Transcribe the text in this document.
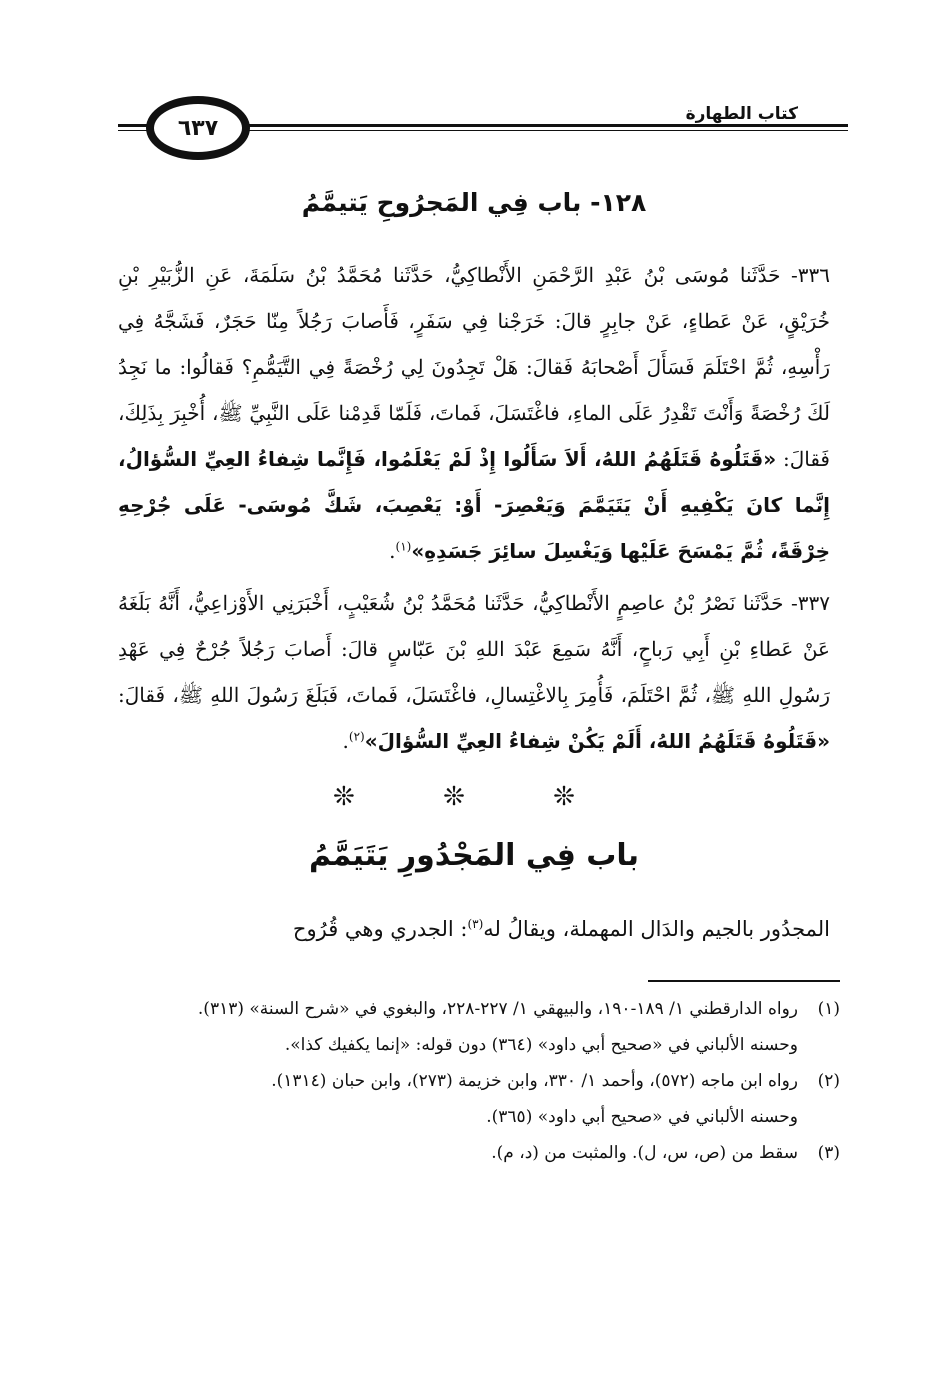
٦٣٧
كتاب الطهارة
١٢٨- باب فِي المَجرُوحِ يَتيمَّمُ
٣٣٦- حَدَّثَنا مُوسَى بْنُ عَبْدِ الرَّحْمَنِ الأَنْطاكِيُّ، حَدَّثَنا مُحَمَّدُ بْنُ سَلَمَةَ، عَنِ الزُّبَيْرِ بْنِ خُرَيْقٍ، عَنْ عَطاءٍ، عَنْ جابِرٍ قالَ: خَرَجْنا فِي سَفَرٍ، فَأَصابَ رَجُلاً مِنّا حَجَرٌ، فَشَجَّهُ فِي رَأْسِهِ، ثُمَّ احْتَلَمَ فَسَأَلَ أَصْحابَهُ فَقالَ: هَلْ تَجِدُونَ لِي رُخْصَةً فِي التَّيَمُّمِ؟ فَقالُوا: ما نَجِدُ لَكَ رُخْصَةً وَأَنْتَ تَقْدِرُ عَلَى الماءِ، فاغْتَسَلَ، فَماتَ، فَلَمّا قَدِمْنا عَلَى النَّبِيِّ ﷺ، أُخْبِرَ بِذَلِكَ، فَقالَ: «قَتَلُوهُ قَتَلَهُمُ اللهُ، أَلاَ سَأَلُوا إِذْ لَمْ يَعْلَمُوا، فَإِنَّما شِفاءُ العِيِّ السُّؤالُ، إِنَّما كانَ يَكْفِيهِ أَنْ يَتَيَمَّمَ وَيَعْصِرَ- أَوْ: يَعْصِبَ، شَكَّ مُوسَى- عَلَى جُرْحِهِ خِرْقَةً، ثُمَّ يَمْسَحَ عَلَيْها وَيَغْسِلَ سائِرَ جَسَدِهِ»$^{(١)}$.
٣٣٧- حَدَّثَنا نَصْرُ بْنُ عاصِمٍ الأَنْطاكِيُّ، حَدَّثَنا مُحَمَّدُ بْنُ شُعَيْبٍ، أَخْبَرَنِي الأَوْزاعِيُّ، أَنَّهُ بَلَغَهُ عَنْ عَطاءِ بْنِ أَبِي رَباحٍ، أَنَّهُ سَمِعَ عَبْدَ اللهِ بْنَ عَبّاسٍ قالَ: أَصابَ رَجُلاً جُرْحٌ فِي عَهْدِ رَسُولِ اللهِ ﷺ، ثُمَّ احْتَلَمَ، فَأُمِرَ بِالاغْتِسالِ، فاغْتَسَلَ، فَماتَ، فَبَلَغَ رَسُولَ اللهِ ﷺ، فَقالَ: «قَتَلُوهُ قَتَلَهُمُ اللهُ، أَلَمْ يَكُنْ شِفاءُ العِيِّ السُّؤالَ»$^{(٢)}$.
❊ ❊ ❊
باب فِي المَجْدُورِ يَتَيَمَّمُ
المجدُور بالجيم والدَال المهملة، ويقالُ له$^{(٣)}$: الجدري وهي قُرُوح
(١)
رواه الدارقطني ١/ ١٨٩-١٩٠، والبيهقي ١/ ٢٢٧-٢٢٨، والبغوي في «شرح السنة» (٣١٣).
وحسنه الألباني في «صحيح أبي داود» (٣٦٤) دون قوله: «إنما يكفيك كذا».
(٢)
رواه ابن ماجه (٥٧٢)، وأحمد ١/ ٣٣٠، وابن خزيمة (٢٧٣)، وابن حبان (١٣١٤).
وحسنه الألباني في «صحيح أبي داود» (٣٦٥).
(٣)
سقط من (ص، س، ل). والمثبت من (د، م).
